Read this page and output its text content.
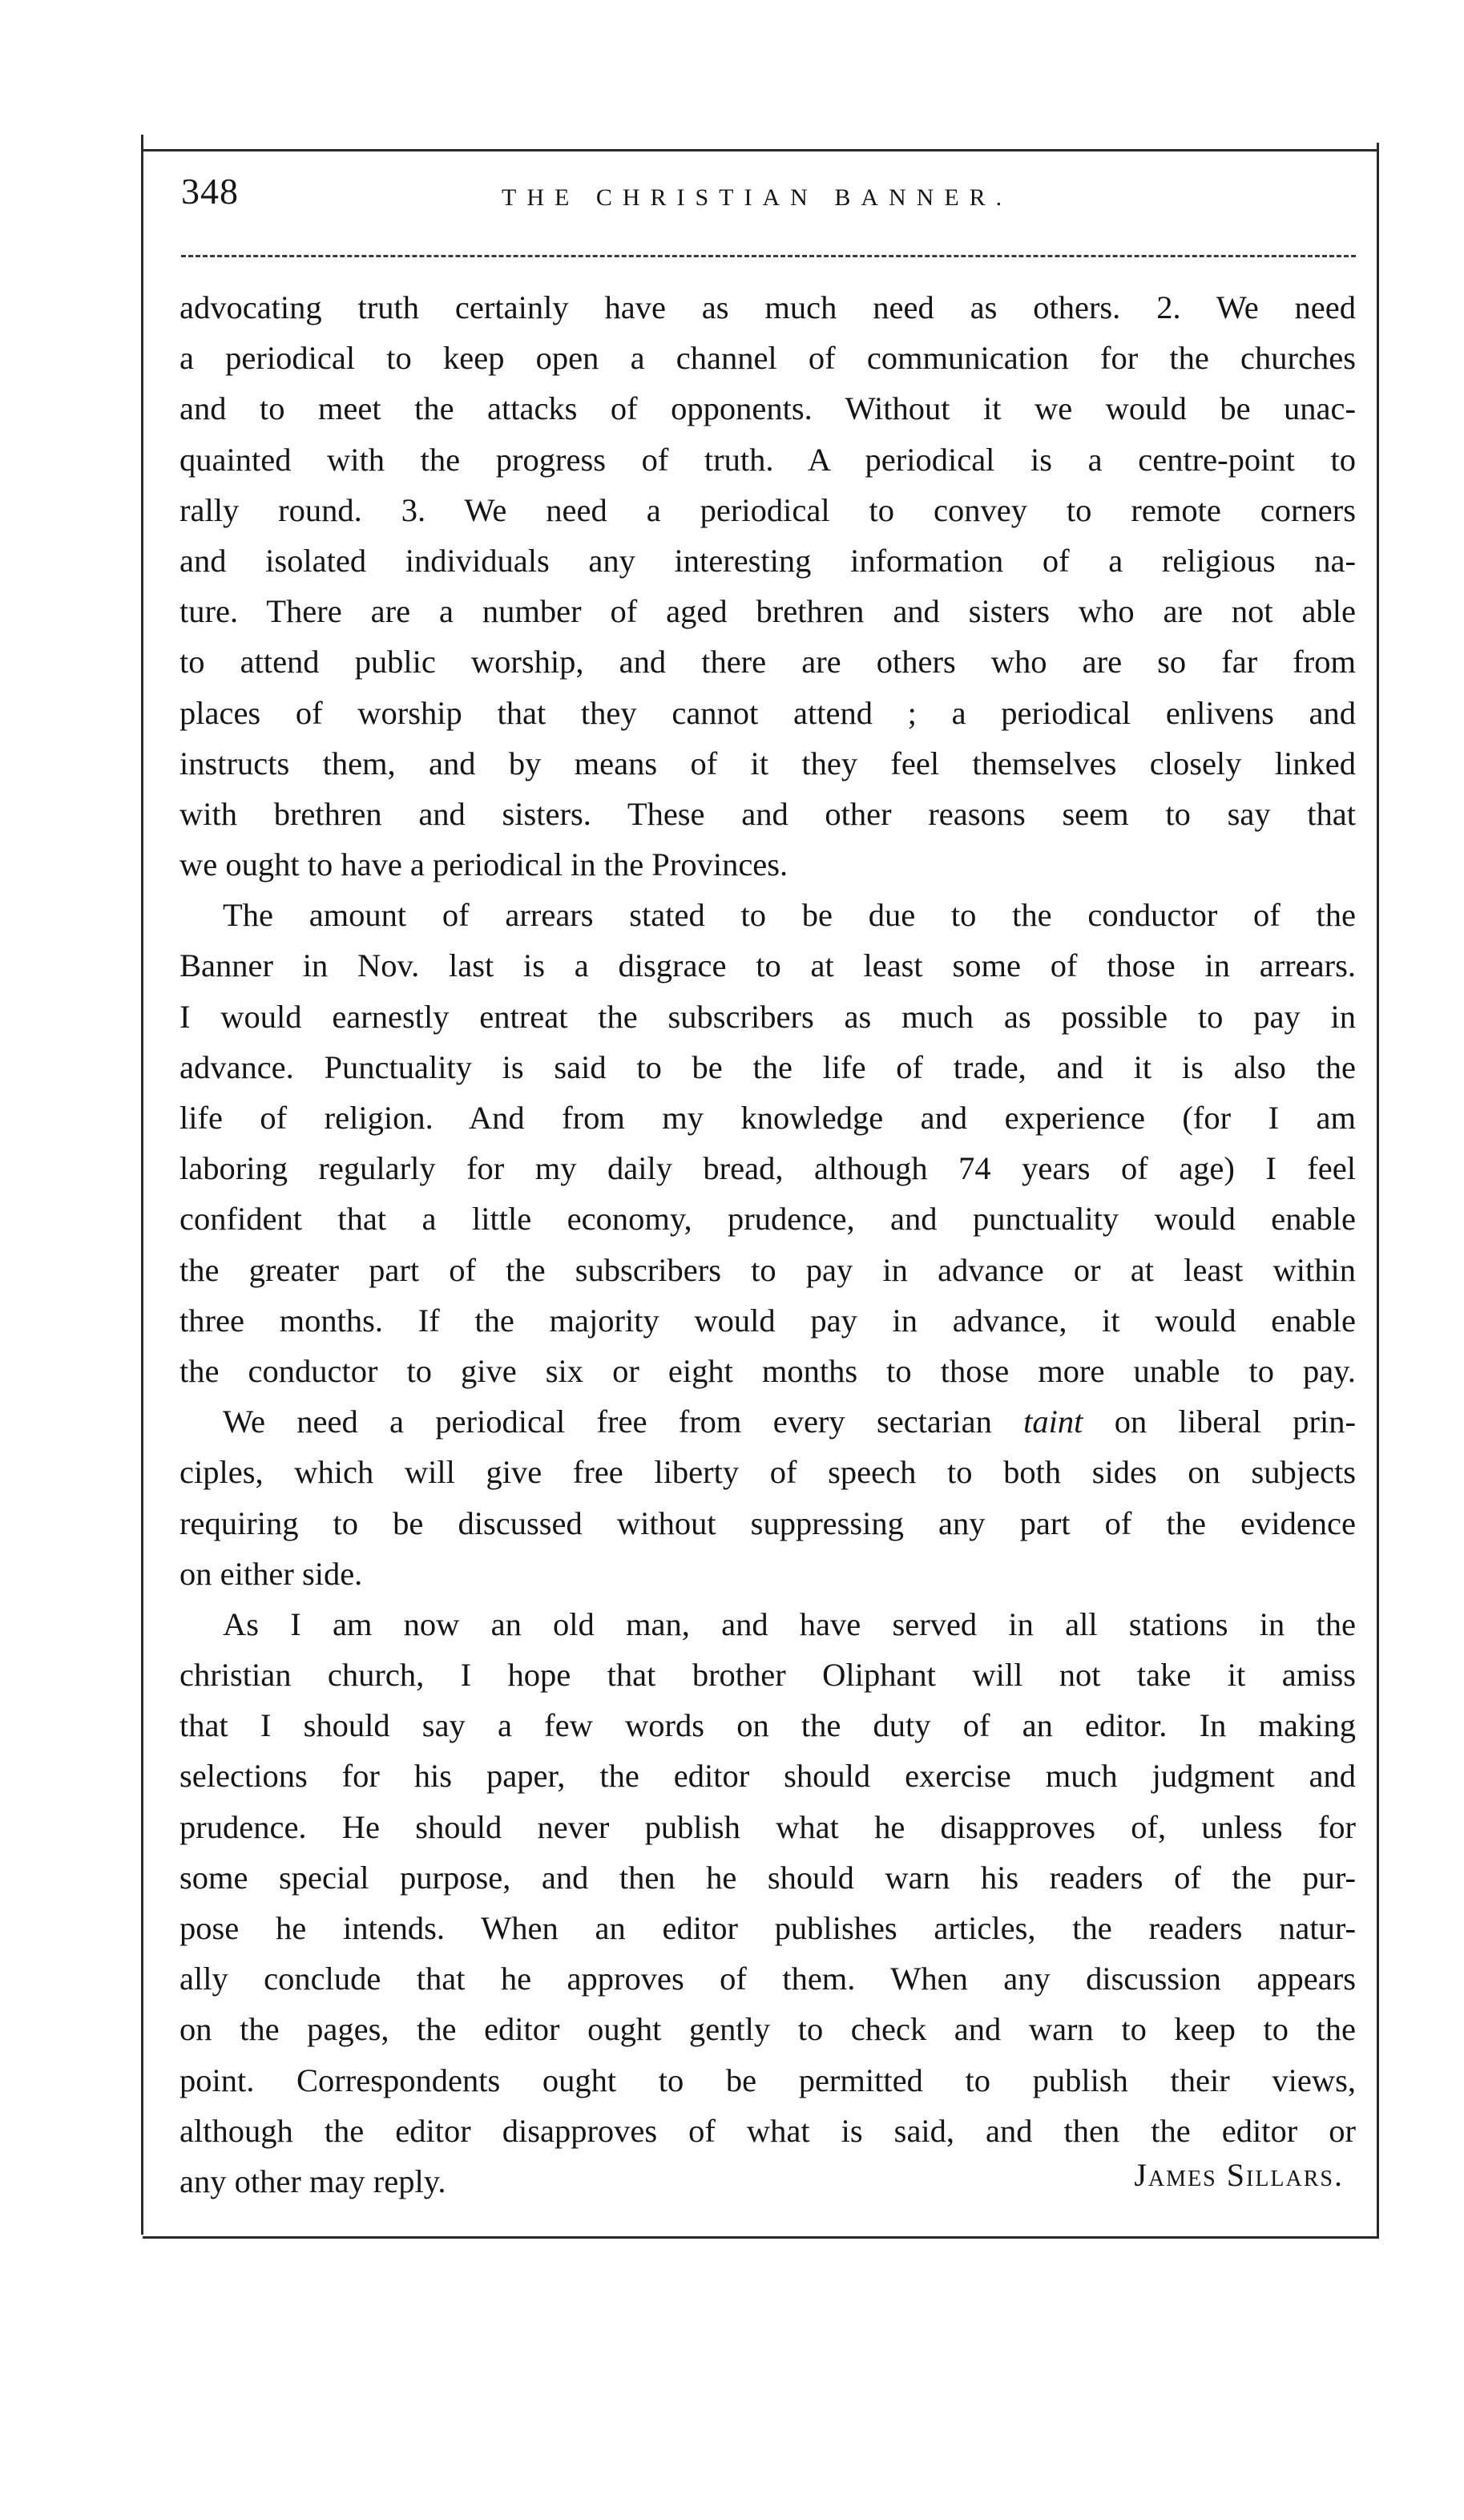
348	THE CHRISTIAN BANNER.
advocating truth certainly have as much need as others. 2. We need
a periodical to keep open a channel of communication for the churches
and to meet the attacks of opponents. Without it we would be unac-
quainted with the progress of truth. A periodical is a centre-point to
rally round. 3. We need a periodical to convey to remote corners
and isolated individuals any interesting information of a religious na-
ture. There are a number of aged brethren and sisters who are not able
to attend public worship, and there are others who are so far from
places of worship that they cannot attend ; a periodical enlivens and
instructs them, and by means of it they feel themselves closely linked
with brethren and sisters. These and other reasons seem to say that
we ought to have a periodical in the Provinces.
The amount of arrears stated to be due to the conductor of the
Banner in Nov. last is a disgrace to at least some of those in arrears.
I would earnestly entreat the subscribers as much as possible to pay in
advance. Punctuality is said to be the life of trade, and it is also the
life of religion. And from my knowledge and experience (for I am
laboring regularly for my daily bread, although 74 years of age) I feel
confident that a little economy, prudence, and punctuality would enable
the greater part of the subscribers to pay in advance or at least within
three months. If the majority would pay in advance, it would enable
the conductor to give six or eight months to those more unable to pay.
We need a periodical free from every sectarian taint on liberal prin-
ciples, which will give free liberty of speech to both sides on subjects
requiring to be discussed without suppressing any part of the evidence
on either side.
As I am now an old man, and have served in all stations in the
christian church, I hope that brother Oliphant will not take it amiss
that I should say a few words on the duty of an editor. In making
selections for his paper, the editor should exercise much judgment and
prudence. He should never publish what he disapproves of, unless for
some special purpose, and then he should warn his readers of the pur-
pose he intends. When an editor publishes articles, the readers natur-
ally conclude that he approves of them. When any discussion appears
on the pages, the editor ought gently to check and warn to keep to the
point. Correspondents ought to be permitted to publish their views,
although the editor disapproves of what is said, and then the editor or
any other may reply.	James Sillars.
